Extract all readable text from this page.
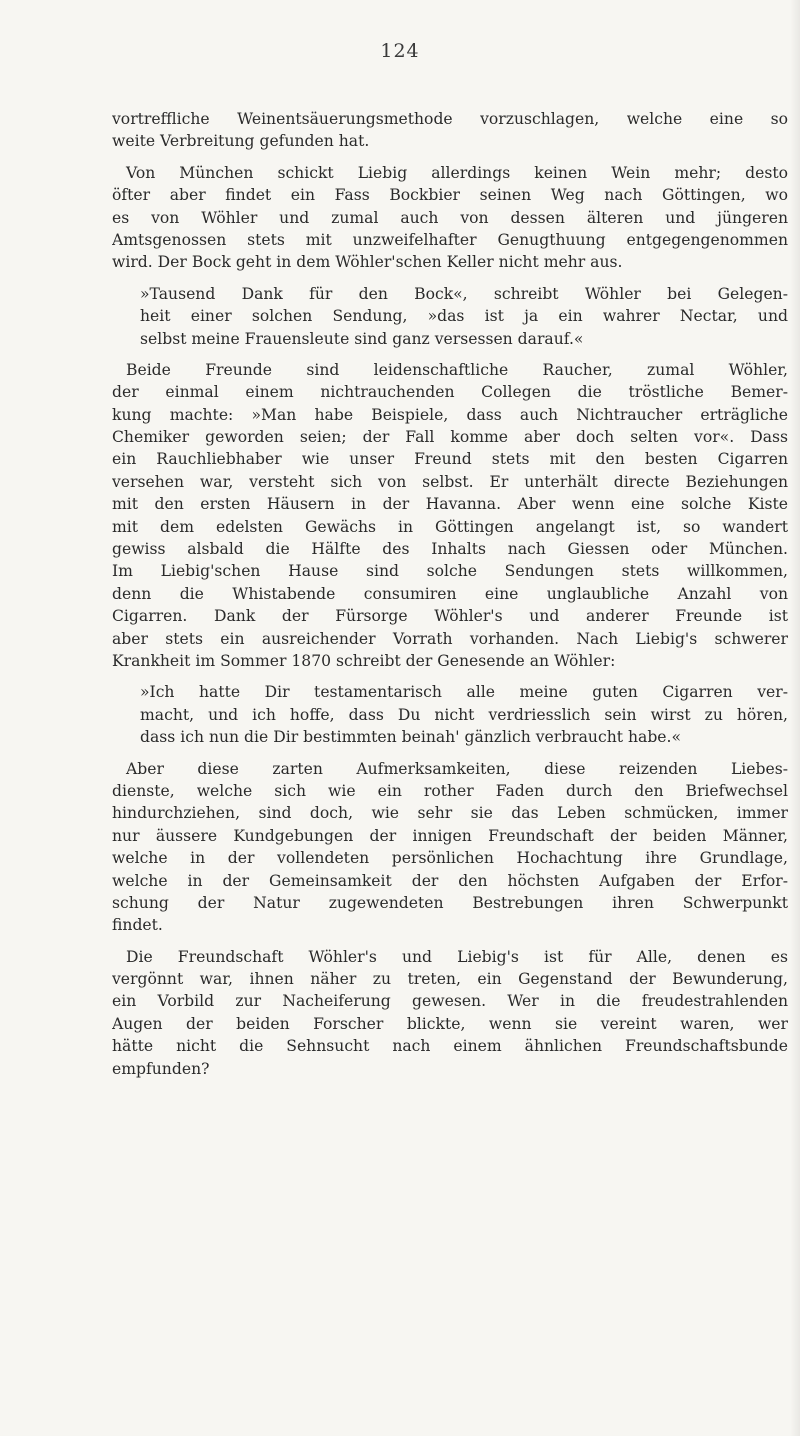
124
vortreffliche Weinentsäuerungsmethode vorzuschlagen, welche eine so
weite Verbreitung gefunden hat.
Von München schickt Liebig allerdings keinen Wein mehr; desto
öfter aber findet ein Fass Bockbier seinen Weg nach Göttingen, wo
es von Wöhler und zumal auch von dessen älteren und jüngeren
Amtsgenossen stets mit unzweifelhafter Genugthuung entgegengenommen
wird. Der Bock geht in dem Wöhler'schen Keller nicht mehr aus.
»Tausend Dank für den Bock«, schreibt Wöhler bei Gelegen-
heit einer solchen Sendung, »das ist ja ein wahrer Nectar, und
selbst meine Frauensleute sind ganz versessen darauf.«
Beide Freunde sind leidenschaftliche Raucher, zumal Wöhler,
der einmal einem nichtrauchenden Collegen die tröstliche Bemer-
kung machte: »Man habe Beispiele, dass auch Nichtraucher erträgliche
Chemiker geworden seien; der Fall komme aber doch selten vor«. Dass
ein Rauchliebhaber wie unser Freund stets mit den besten Cigarren
versehen war, versteht sich von selbst. Er unterhält directe Beziehungen
mit den ersten Häusern in der Havanna. Aber wenn eine solche Kiste
mit dem edelsten Gewächs in Göttingen angelangt ist, so wandert
gewiss alsbald die Hälfte des Inhalts nach Giessen oder München.
Im Liebig'schen Hause sind solche Sendungen stets willkommen,
denn die Whistabende consumiren eine unglaubliche Anzahl von
Cigarren. Dank der Fürsorge Wöhler's und anderer Freunde ist
aber stets ein ausreichender Vorrath vorhanden. Nach Liebig's schwerer
Krankheit im Sommer 1870 schreibt der Genesende an Wöhler:
»Ich hatte Dir testamentarisch alle meine guten Cigarren ver-
macht, und ich hoffe, dass Du nicht verdriesslich sein wirst zu hören,
dass ich nun die Dir bestimmten beinah' gänzlich verbraucht habe.«
Aber diese zarten Aufmerksamkeiten, diese reizenden Liebes-
dienste, welche sich wie ein rother Faden durch den Briefwechsel
hindurchziehen, sind doch, wie sehr sie das Leben schmücken, immer
nur äussere Kundgebungen der innigen Freundschaft der beiden Männer,
welche in der vollendeten persönlichen Hochachtung ihre Grundlage,
welche in der Gemeinsamkeit der den höchsten Aufgaben der Erfor-
schung der Natur zugewendeten Bestrebungen ihren Schwerpunkt
findet.
Die Freundschaft Wöhler's und Liebig's ist für Alle, denen es
vergönnt war, ihnen näher zu treten, ein Gegenstand der Bewunderung,
ein Vorbild zur Nacheiferung gewesen. Wer in die freudestrahlenden
Augen der beiden Forscher blickte, wenn sie vereint waren, wer
hätte nicht die Sehnsucht nach einem ähnlichen Freundschaftsbunde
empfunden?
